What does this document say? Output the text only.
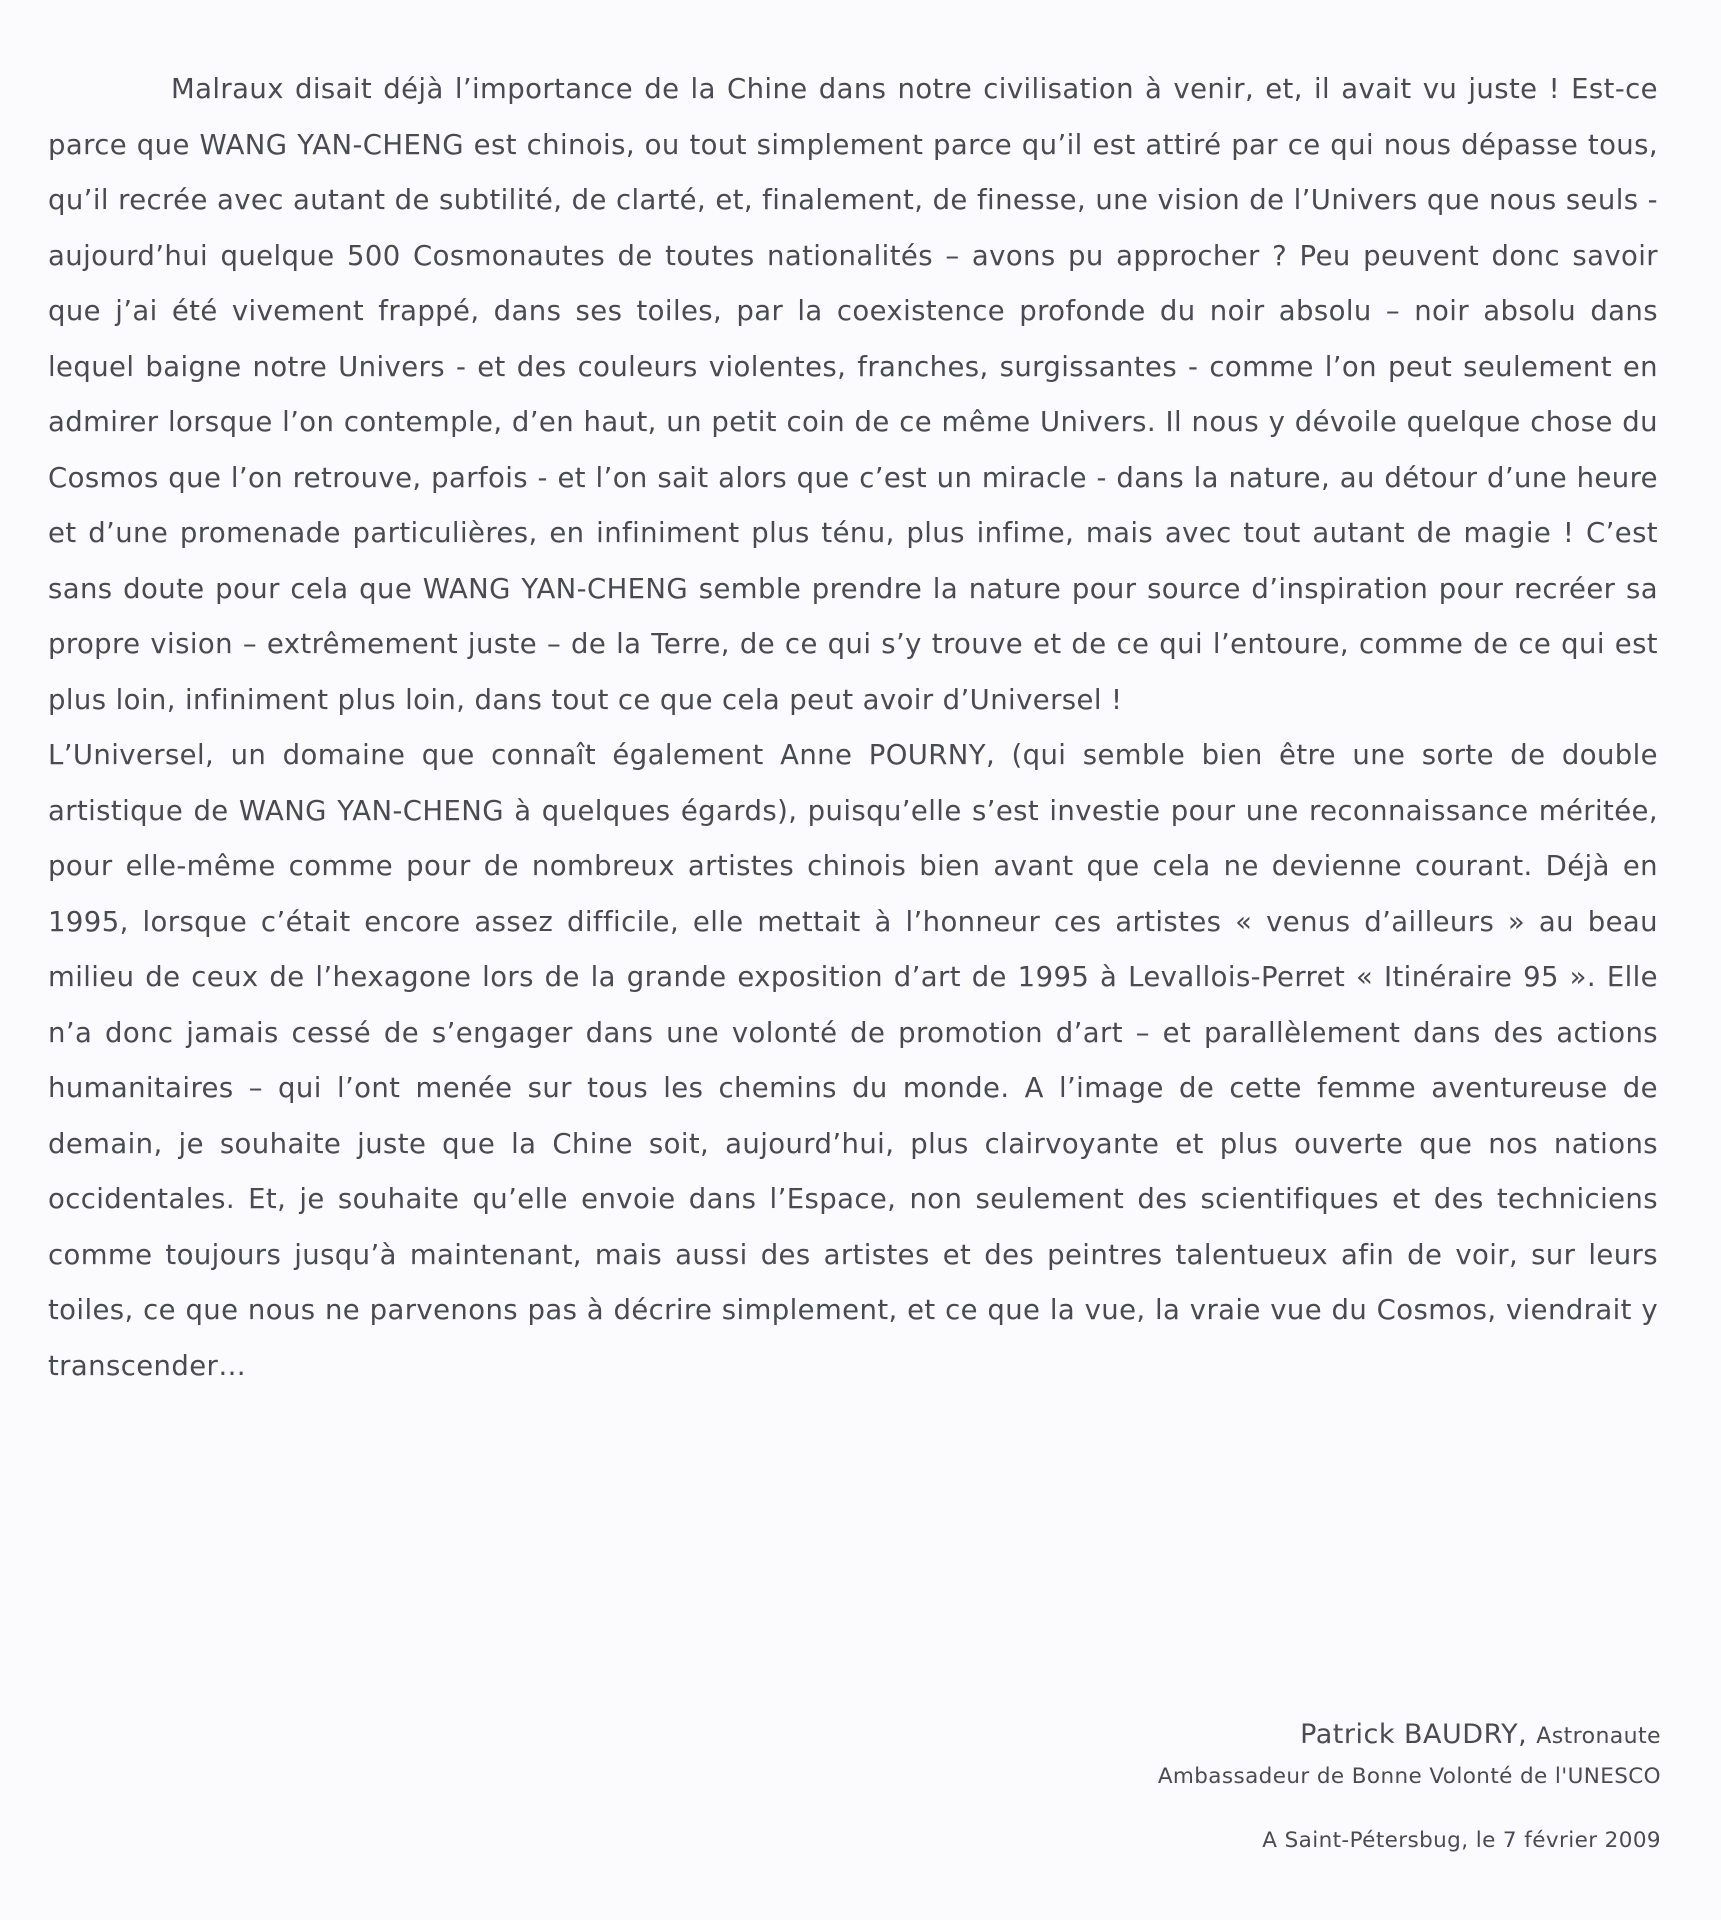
Malraux disait déjà l’importance de la Chine dans notre civilisation à venir, et, il avait vu juste ! Est-ce parce que WANG YAN-CHENG est chinois, ou tout simplement parce qu’il est attiré par ce qui nous dépasse tous, qu’il recrée avec autant de subtilité, de clarté, et, finalement, de finesse, une vision de l’Univers que nous seuls - aujourd’hui quelque 500 Cosmonautes de toutes nationalités – avons pu approcher ? Peu peuvent donc savoir que j’ai été vivement frappé, dans ses toiles, par la coexistence profonde du noir absolu – noir absolu dans lequel baigne notre Univers - et des couleurs violentes, franches, surgissantes - comme l’on peut seulement en admirer lorsque l’on contemple, d’en haut, un petit coin de ce même Univers. Il nous y dévoile quelque chose du Cosmos que l’on retrouve, parfois - et l’on sait alors que c’est un miracle - dans la nature, au détour d’une heure et d’une promenade particulières, en infiniment plus ténu, plus infime, mais avec tout autant de magie ! C’est sans doute pour cela que WANG YAN-CHENG semble prendre la nature pour source d’inspiration pour recréer sa propre vision – extrêmement juste – de la Terre, de ce qui s’y trouve et de ce qui l’entoure, comme de ce qui est plus loin, infiniment plus loin, dans tout ce que cela peut avoir d’Universel !

L’Universel, un domaine que connaît également Anne POURNY, (qui semble bien être une sorte de double artistique de WANG YAN-CHENG à quelques égards), puisqu’elle s’est investie pour une reconnaissance méritée, pour elle-même comme pour de nombreux artistes chinois bien avant que cela ne devienne courant. Déjà en 1995, lorsque c’était encore assez difficile, elle mettait à l’honneur ces artistes « venus d’ailleurs » au beau milieu de ceux de l’hexagone lors de la grande exposition d’art de 1995 à Levallois-Perret « Itinéraire 95 ». Elle n’a donc jamais cessé de s’engager dans une volonté de promotion d’art – et parallèlement dans des actions humanitaires – qui l’ont menée sur tous les chemins du monde. A l’image de cette femme aventureuse de demain, je souhaite juste que la Chine soit, aujourd’hui, plus clairvoyante et plus ouverte que nos nations occidentales. Et, je souhaite qu’elle envoie dans l’Espace, non seulement des scientifiques et des techniciens comme toujours jusqu’à maintenant, mais aussi des artistes et des peintres talentueux afin de voir, sur leurs toiles, ce que nous ne parvenons pas à décrire simplement, et ce que la vue, la vraie vue du Cosmos, viendrait y transcender…

Patrick BAUDRY, Astronaute
Ambassadeur de Bonne Volonté de l'UNESCO
A Saint-Pétersbug, le 7 février 2009
